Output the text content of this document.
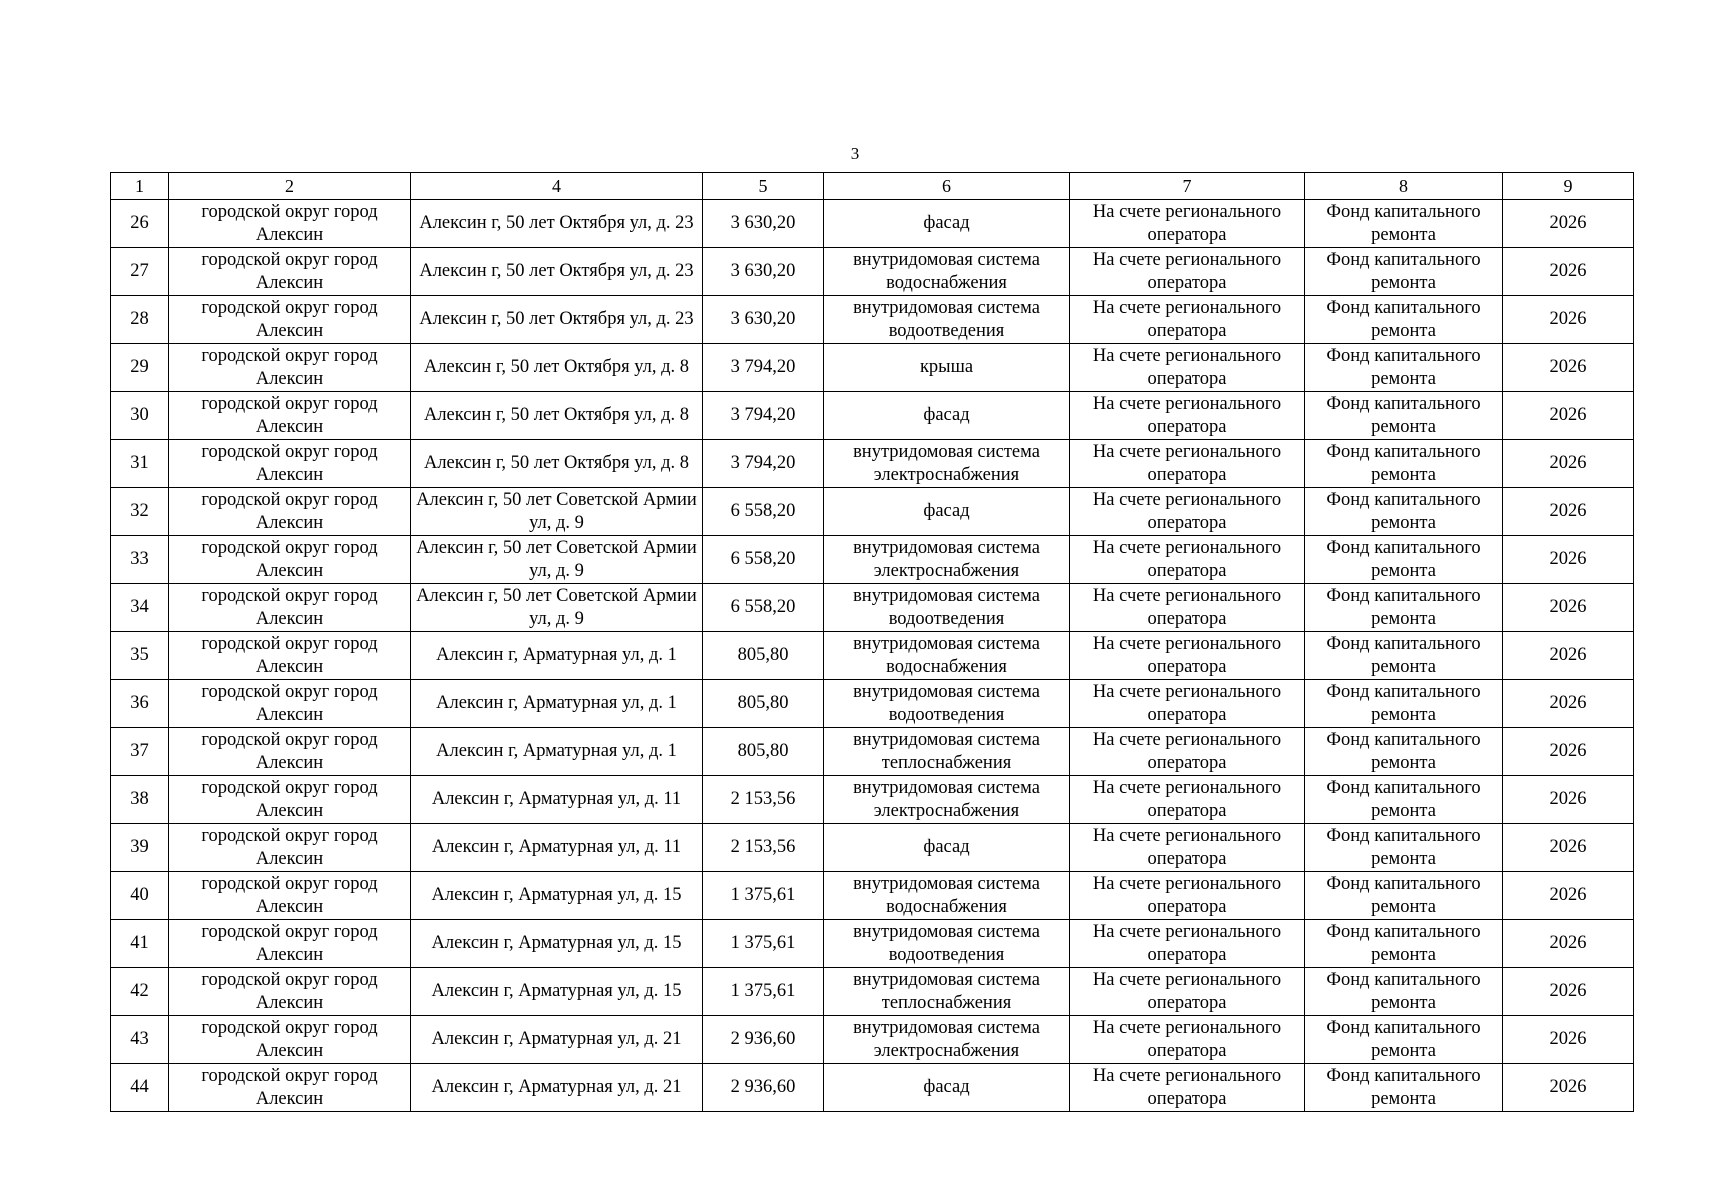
3
1	2	4	5	6	7	8	9
26	городской округ город Алексин	Алексин г, 50 лет Октября ул, д. 23	3 630,20	фасад	На счете регионального оператора	Фонд капитального ремонта	2026
27	городской округ город Алексин	Алексин г, 50 лет Октября ул, д. 23	3 630,20	внутридомовая система водоснабжения	На счете регионального оператора	Фонд капитального ремонта	2026
28	городской округ город Алексин	Алексин г, 50 лет Октября ул, д. 23	3 630,20	внутридомовая система водоотведения	На счете регионального оператора	Фонд капитального ремонта	2026
29	городской округ город Алексин	Алексин г, 50 лет Октября ул, д. 8	3 794,20	крыша	На счете регионального оператора	Фонд капитального ремонта	2026
30	городской округ город Алексин	Алексин г, 50 лет Октября ул, д. 8	3 794,20	фасад	На счете регионального оператора	Фонд капитального ремонта	2026
31	городской округ город Алексин	Алексин г, 50 лет Октября ул, д. 8	3 794,20	внутридомовая система электроснабжения	На счете регионального оператора	Фонд капитального ремонта	2026
32	городской округ город Алексин	Алексин г, 50 лет Советской Армии ул, д. 9	6 558,20	фасад	На счете регионального оператора	Фонд капитального ремонта	2026
33	городской округ город Алексин	Алексин г, 50 лет Советской Армии ул, д. 9	6 558,20	внутридомовая система электроснабжения	На счете регионального оператора	Фонд капитального ремонта	2026
34	городской округ город Алексин	Алексин г, 50 лет Советской Армии ул, д. 9	6 558,20	внутридомовая система водоотведения	На счете регионального оператора	Фонд капитального ремонта	2026
35	городской округ город Алексин	Алексин г, Арматурная ул, д. 1	805,80	внутридомовая система водоснабжения	На счете регионального оператора	Фонд капитального ремонта	2026
36	городской округ город Алексин	Алексин г, Арматурная ул, д. 1	805,80	внутридомовая система водоотведения	На счете регионального оператора	Фонд капитального ремонта	2026
37	городской округ город Алексин	Алексин г, Арматурная ул, д. 1	805,80	внутридомовая система теплоснабжения	На счете регионального оператора	Фонд капитального ремонта	2026
38	городской округ город Алексин	Алексин г, Арматурная ул, д. 11	2 153,56	внутридомовая система электроснабжения	На счете регионального оператора	Фонд капитального ремонта	2026
39	городской округ город Алексин	Алексин г, Арматурная ул, д. 11	2 153,56	фасад	На счете регионального оператора	Фонд капитального ремонта	2026
40	городской округ город Алексин	Алексин г, Арматурная ул, д. 15	1 375,61	внутридомовая система водоснабжения	На счете регионального оператора	Фонд капитального ремонта	2026
41	городской округ город Алексин	Алексин г, Арматурная ул, д. 15	1 375,61	внутридомовая система водоотведения	На счете регионального оператора	Фонд капитального ремонта	2026
42	городской округ город Алексин	Алексин г, Арматурная ул, д. 15	1 375,61	внутридомовая система теплоснабжения	На счете регионального оператора	Фонд капитального ремонта	2026
43	городской округ город Алексин	Алексин г, Арматурная ул, д. 21	2 936,60	внутридомовая система электроснабжения	На счете регионального оператора	Фонд капитального ремонта	2026
44	городской округ город Алексин	Алексин г, Арматурная ул, д. 21	2 936,60	фасад	На счете регионального оператора	Фонд капитального ремонта	2026
